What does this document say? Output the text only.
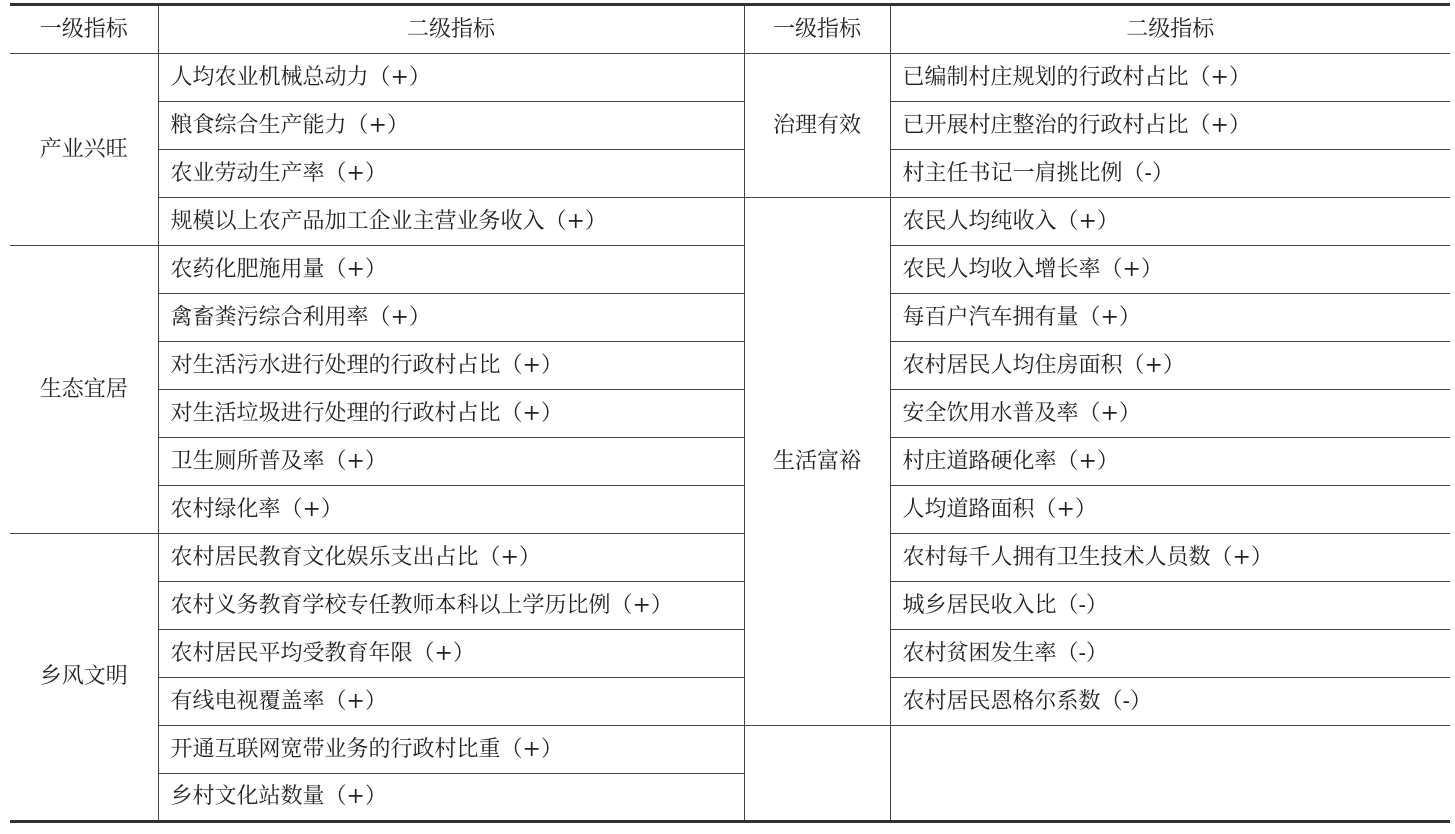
一级指标	二级指标	一级指标	二级指标
产业兴旺	人均农业机械总动力（+）	治理有效	已编制村庄规划的行政村占比（+）
	粮食综合生产能力（+）		已开展村庄整治的行政村占比（+）
	农业劳动生产率（+）		村主任书记一肩挑比例（-）
	规模以上农产品加工企业主营业务收入（+）	生活富裕	农民人均纯收入（+）
生态宜居	农药化肥施用量（+）		农民人均收入增长率（+）
	禽畜粪污综合利用率（+）		每百户汽车拥有量（+）
	对生活污水进行处理的行政村占比（+）		农村居民人均住房面积（+）
	对生活垃圾进行处理的行政村占比（+）		安全饮用水普及率（+）
	卫生厕所普及率（+）		村庄道路硬化率（+）
	农村绿化率（+）		人均道路面积（+）
乡风文明	农村居民教育文化娱乐支出占比（+）		农村每千人拥有卫生技术人员数（+）
	农村义务教育学校专任教师本科以上学历比例（+）		城乡居民收入比（-）
	农村居民平均受教育年限（+）		农村贫困发生率（-）
	有线电视覆盖率（+）		农村居民恩格尔系数（-）
	开通互联网宽带业务的行政村比重（+）		
	乡村文化站数量（+）		
